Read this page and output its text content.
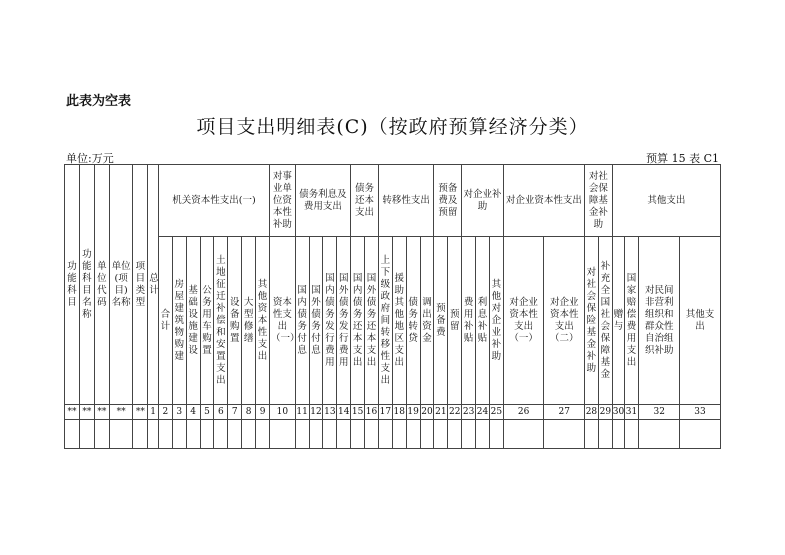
此表为空表
项目支出明细表(C)（按政府预算经济分类）
单位:万元	预算 15 表 C1
功能科目	功能科目名称	单位代码	单位(项目)名称	项目类型	总计	机关资本性支出(一)								对事业单位资本性补助	债务利息及费用支出				债务还本支出		转移性支出				预备费及预留		对企业补助			对企业资本性支出		对社会保障基金补助		其他支出			
						合计	房屋建筑物购建	基础设施建设	公务用车购置	土地征迁补偿和安置支出	设备购置	大型修缮	其他资本性支出	资本性支出（一）	国内债务付息	国外债务付息	国内债务发行费用	国外债务发行费用	国内债务还本支出	国外债务还本支出	上下级政府间转移性支出	援助其他地区支出	债务转贷	调出资金	预备费	预留	费用补贴	利息补贴	其他对企业补助	对企业资本性支出（一）	对企业资本性支出（二）	对社会保险基金补助	补充全国社会保障基金	赠与	国家赔偿费用支出	对民间非营利组织和群众性自治组织补助	其他支出
**	**	**	**	**	1	2	3	4	5	6	7	8	9	10	11	12	13	14	15	16	17	18	19	20	21	22	23	24	25	26	27	28	29	30	31	32	33
